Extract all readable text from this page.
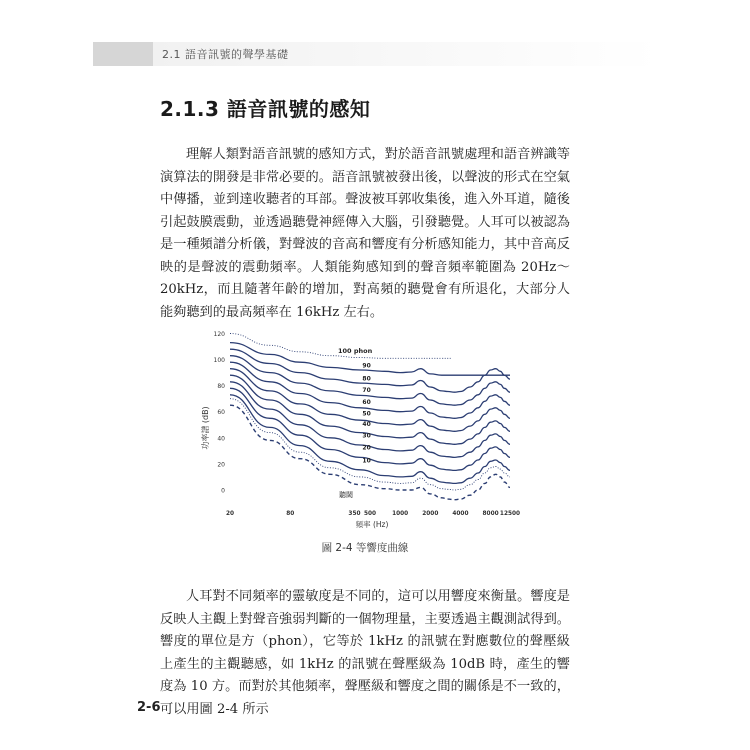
2.1 語音訊號的聲學基礎
2.1.3 語音訊號的感知

理解人類對語音訊號的感知方式，對於語音訊號處理和語音辨識等演算法的開發是非常必要的。語音訊號被發出後，以聲波的形式在空氣中傳播，並到達收聽者的耳部。聲波被耳郭收集後，進入外耳道，隨後引起鼓膜震動，並透過聽覺神經傳入大腦，引發聽覺。人耳可以被認為是一種頻譜分析儀，對聲波的音高和響度有分析感知能力，其中音高反映的是聲波的震動頻率。人類能夠感知到的聲音頻率範圍為 20Hz～20kHz，而且隨著年齡的增加，對高頻的聽覺會有所退化，大部分人能夠聽到的最高頻率在 16kHz 左右。

0
20
40
60
80
100
120
20	80	350 500	1000 2000 4000 8000 12500
90
80
70
60
50
40
30
20
10
功率譜 (dB)
頻率 (Hz)
100 phon
聽閾
圖 2-4 等響度曲線

人耳對不同頻率的靈敏度是不同的，這可以用響度來衡量。響度是反映人主觀上對聲音強弱判斷的一個物理量，主要透過主觀測試得到。響度的單位是方（phon），它等於 1kHz 的訊號在對應數位的聲壓級上產生的主觀聽感，如 1kHz 的訊號在聲壓級為 10dB 時，產生的響度為 10 方。而對於其他頻率，聲壓級和響度之間的關係是不一致的，可以用圖 2-4 所示

2-6
